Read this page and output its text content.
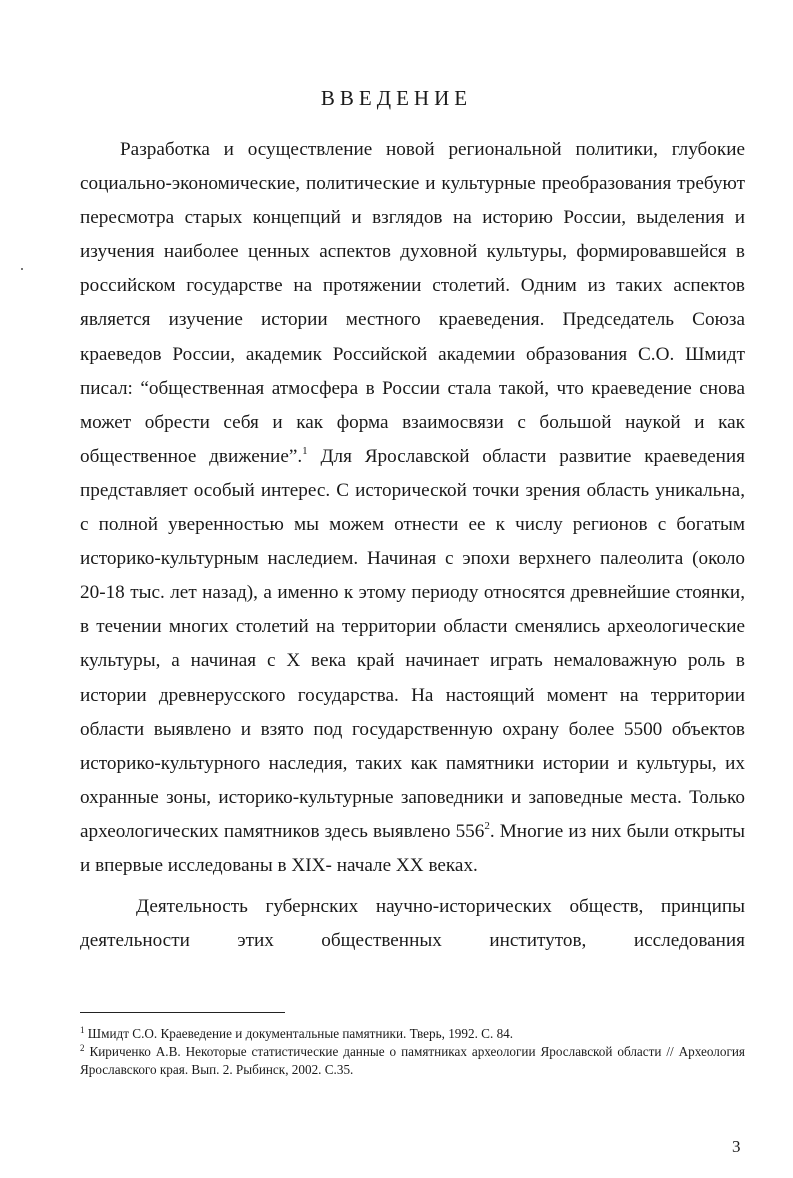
ВВЕДЕНИЕ

Разработка и осуществление новой региональной политики, глубокие социально-экономические, политические и культурные преобразования требуют пересмотра старых концепций и взглядов на историю России, выделения и изучения наиболее ценных аспектов духовной культуры, формировавшейся в российском государстве на протяжении столетий. Одним из таких аспектов является изучение истории местного краеведения. Председатель Союза краеведов России, академик Российской академии образования С.О. Шмидт писал: “общественная атмосфера в России стала такой, что краеведение снова может обрести себя и как форма взаимосвязи с большой наукой и как общественное движение”.$^1$ Для Ярославской области развитие краеведения представляет особый интерес. С исторической точки зрения область уникальна, с полной уверенностью мы можем отнести ее к числу регионов с богатым историко-культурным наследием. Начиная с эпохи верхнего палеолита (около 20-18 тыс. лет назад), а именно к этому периоду относятся древнейшие стоянки, в течении многих столетий на территории области сменялись археологические культуры, а начиная с X века край начинает играть немаловажную роль в истории древнерусского государства. На настоящий момент на территории области выявлено и взято под государственную охрану более 5500 объектов историко-культурного наследия, таких как памятники истории и культуры, их охранные зоны, историко-культурные заповедники и заповедные места. Только археологических памятников здесь выявлено $556^2$. Многие из них были открыты и впервые исследованы в XIX- начале XX веках.

Деятельность губернских научно-исторических обществ, принципы деятельности этих общественных институтов, исследования

$^1$ Шмидт С.О. Краеведение и документальные памятники. Тверь, 1992. С. 84.

$^2$ Кириченко А.В. Некоторые статистические данные о памятниках археологии Ярославской области // Археология Ярославского края. Вып. 2. Рыбинск, 2002. С.35.

3
